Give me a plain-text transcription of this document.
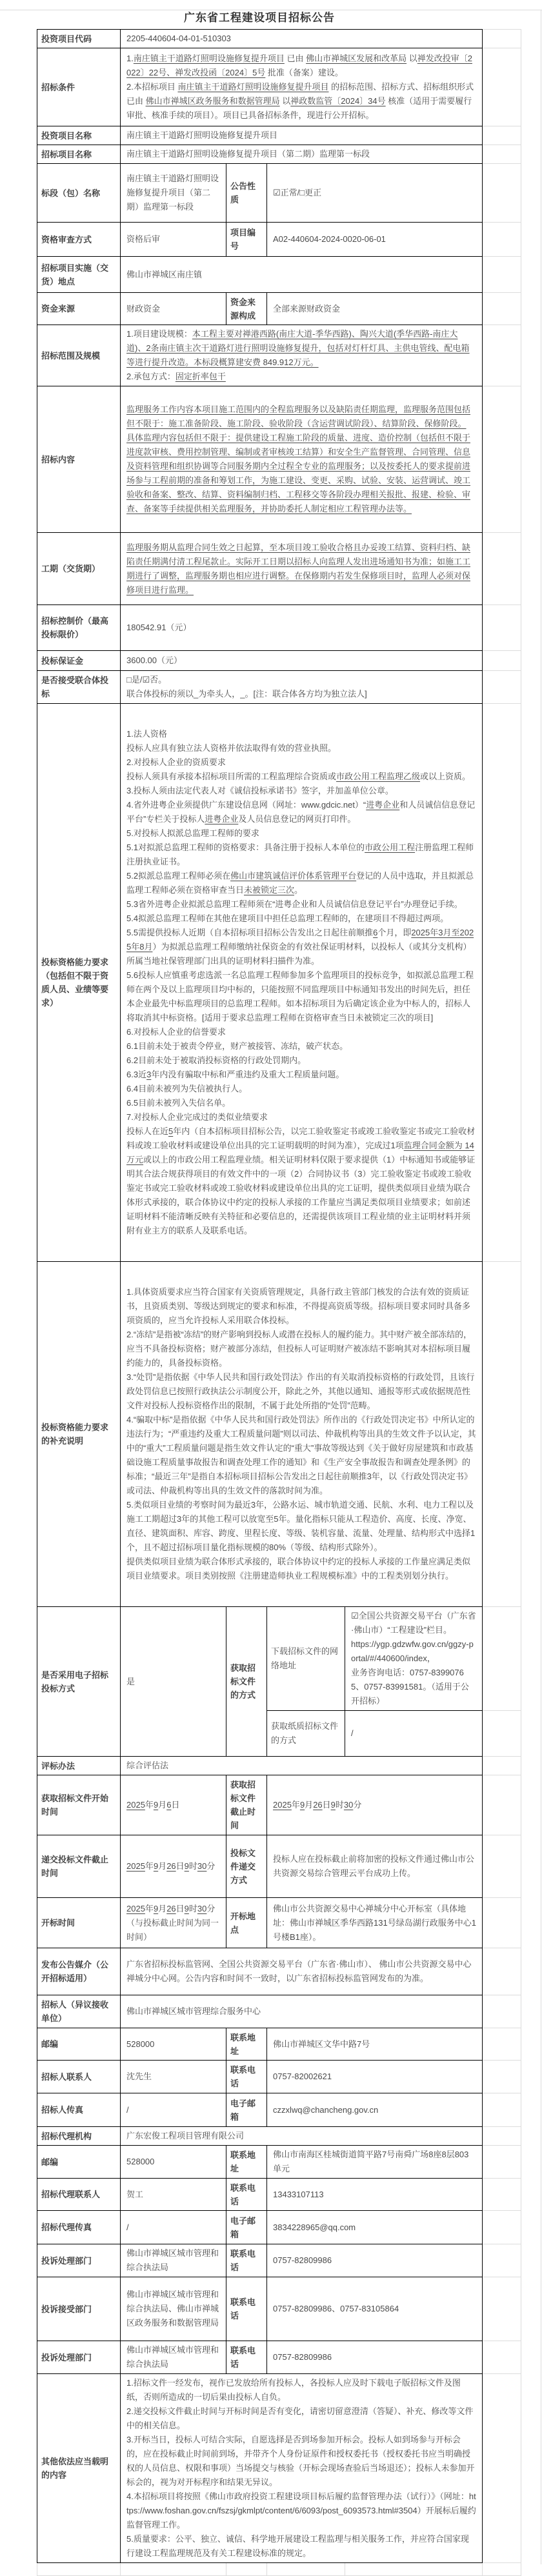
广东省工程建设项目招标公告
投资项目代码	2205-440604-04-01-510303				
招标条件	1.南庄镇主干道路灯照明设施修复提升项目 已由 佛山市禅城区发展和改革局 以禅发改投审〔2022〕22号、禅发改投函〔2024〕5号 批准（备案）建设。
2.本招标项目 南庄镇主干道路灯照明设施修复提升项目 的招标范围、招标方式、招标组织形式已由 佛山市禅城区政务服务和数据管理局 以禅政数监管〔2024〕34号 核准（适用于需要履行审批、核准手续的项目）。项目已具备招标条件，现进行公开招标。				

投资项目名称	南庄镇主干道路灯照明设施修复提升项目				
招标项目名称	南庄镇主干道路灯照明设施修复提升项目（第二期）监理第一标段				
标段（包）名称	南庄镇主干道路灯照明设施修复提升项目（第二期）监理第一标段	公告性质	☑正常/□更正		
资格审查方式	资格后审	项目编号	A02-440604-2024-0020-06-01		
招标项目实施（交货）地点	佛山市禅城区南庄镇				
资金来源	财政资金	资金来源构成	全部来源财政资金		
招标范围及规模	1.项目建设规模：本工程主要对禅港西路(南庄大道-季华西路)、陶兴大道(季华西路-南庄大道)、2条南庄镇主次干道路灯进行照明设施修复提升，包括对灯杆灯具、主供电管线、配电箱等进行提升改造。本标段概算建安费 849.912万元。
2.承包方式：固定折率包干				

招标内容	监理服务工作内容本项目施工范围内的全程监理服务以及缺陷责任期监理，监理服务范围包括但不限于：施工准备阶段、施工阶段、验收阶段（含运营调试阶段）、结算阶段、保修阶段。
具体监理内容包括但不限于：提供建设工程施工阶段的质量、进度、造价控制（包括但不限于进度款审核、费用控制管理、编制或者审核竣工结算）和安全生产监督管理、合同管理、信息及资料管理和组织协调等合同服务期内全过程全专业的监理服务；以及按委托人的要求提前进场参与工程前期的准备和筹划工作，为施工建设、变更、采购、试验、安装、运营调试、竣工验收和备案、整改、结算、资料编制归档、工程移交等各阶段办理相关报批、报建、检验、审查、备案等手续提供相关监理服务，并协助委托人制定相应工程管理办法等。				

工期（交货期）	监理服务期从监理合同生效之日起算，至本项目竣工验收合格且办妥竣工结算、资料归档、缺陷责任期满付清工程尾款止。实际开工日期以招标人向监理人发出进场通知书为准；如施工工期进行了调整，监理服务期也相应进行调整。在保修期内若发生保修项目时，监理人必须对保修项目进行监理。				

招标控制价（最高投标限价）	180542.91（元）				
投标保证金	3600.00（元）				
是否接受联合体投标	□是/☑否。
联合体投标的须以_为牵头人，_。[注：联合体各方均为独立法人]				

投标资格能力要求（包括但不限于资质人员、业绩等要求）	
1.法人资格
投标人应具有独立法人资格并依法取得有效的营业执照。
2.对投标人企业的资质要求
投标人须具有承接本招标项目所需的工程监理综合资质或市政公用工程监理乙级或以上资质。
3.投标人须由法定代表人对《诚信投标承诺书》签字，并加盖单位公章。
4.省外进粤企业须提供广东建设信息网（网址：www.gdcic.net）“进粤企业和人员诚信信息登记平台”专栏关于投标人进粤企业及人员信息登记的网页打印件。
5.对投标人拟派总监理工程师的要求
5.1对拟派总监理工程师的资格要求：具备注册于投标人本单位的市政公用工程注册监理工程师注册执业证书。
5.2拟派总监理工程师必须在佛山市建筑诚信评价体系管理平台登记的人员中选取，并且拟派总监理工程师必须在资格审查当日未被锁定三次。
5.3省外进粤企业拟派总监理工程师须在“进粤企业和人员诚信信息登记平台”办理登记手续。
5.4拟派总监理工程师在其他在建项目中担任总监理工程师的，在建项目不得超过两项。
5.5需提供投标人近期（自本招标项目招标公告发出之日起往前顺推6个月，即2025年3月至2025年8月）为拟派总监理工程师缴纳社保资金的有效社保证明材料，以投标人（或其分支机构）所属当地社保管理部门出具的证明材料扫描件为准。
5.6投标人应慎重考虑选派一名总监理工程师参加多个监理项目的投标竞争，如拟派总监理工程师在两个及以上监理项目均中标的，只能按照不同监理项目中标通知书发出的时间先后，担任本企业最先中标监理项目的总监理工程师。如本招标项目为后确定该企业为中标人的，招标人将取消其中标资格。[适用于要求总监理工程师在资格审查当日未被锁定三次的项目]
6.对投标人企业的信誉要求
6.1目前未处于被责令停业，财产被接管、冻结，破产状态。
6.2目前未处于被取消投标资格的行政处罚期内。
6.3近3年内没有骗取中标和严重违约及重大工程质量问题。
6.4目前未被列为失信被执行人。
6.5目前未被列入失信名单。
7.对投标人企业完成过的类似业绩要求
投标人在近5年内（自本招标项目招标公告，以完工验收鉴定书或竣工验收鉴定书或完工验收材料或竣工验收材料或建设单位出具的完工证明载明的时间为准），完成过1项监理合同金额为 14万元或以上的市政公用工程监理业绩。相关证明材料仅限于要求提供（1）中标通知书或能够证明其合法合规获得项目的有效文件中的一项（2）合同协议书（3）完工验收鉴定书或竣工验收鉴定书或完工验收材料或竣工验收材料或建设单位出具的完工证明，提供类似项目业绩为联合体形式承接的，联合体协议中约定的投标人承接的工作量应当满足类似项目业绩要求；如前述证明材料不能清晰反映有关特征和必要信息的，还需提供该项目工程业绩的业主证明材料并须附有业主方的联系人及联系电话。

投标资格能力要求的补充说明	
1.具体资质要求应当符合国家有关资质管理规定，具备行政主管部门核发的合法有效的资质证书，且资质类别、等级达到规定的要求和标准，不得提高资质等级。招标项目要求同时具备多项资质的，应当允许投标人采用联合体投标。
2.“冻结”是指被“冻结”的财产影响到投标人或潜在投标人的履约能力。其中财产被全部冻结的，应当不具备投标资格；财产被部分冻结，但投标人可证明财产被冻结不影响其对本招标项目履约能力的，具备投标资格。
3.“处罚”是指依据《中华人民共和国行政处罚法》作出的有关取消投标资格的行政处罚，且该行政处罚信息已按照行政执法公示制度公开，除此之外，其他以通知、通报等形式或依据规范性文件对投标人投标资格作出的限制，不属于此处所指的“处罚”范畴。
4.“骗取中标”是指依据《中华人民共和国行政处罚法》所作出的《行政处罚决定书》中所认定的违法行为；“严重违约及重大工程质量问题”则以司法、仲裁机构等出具的生效文件予以认定，其中的“重大”工程质量问题是指生效文件认定的“重大”事故等级达到《关于做好房屋建筑和市政基础设施工程质量事故报告和调查处理工作的通知》和《生产安全事故报告和调查处理条例》的标准；“最近三年”是指自本招标项目招标公告发出之日起往前顺推3年，以《行政处罚决定书》或司法、仲裁机构等出具的生效文件的落款时间为准。
5.类似项目业绩的考察时间为最近3年，公路水运、城市轨道交通、民航、水利、电力工程以及施工工期超过3年的其他工程可以放宽至5年。量化指标只能从工程造价、高度、长度、净宽、直径、建筑面积、库容、跨度、里程长度、等级、装机容量、流量、处理量、结构形式中选择1个，且不超过招标项目量化指标规模的80%（等级、结构形式除外）。
提供类似项目业绩为联合体形式承接的，联合体协议中约定的投标人承接的工作量应满足类似项目业绩要求。项目类别按照《注册建造师执业工程规模标准》中的工程类别划分执行。

是否采用电子招标投标方式	是	获取招标文件的方式	下载招标文件的网络地址	☑全国公共资源交易平台（广东省·佛山市）“工程建设”栏目。
https://ygp.gdzwfw.gov.cn/ggzy-portal/#/440600/index，
业务咨询电话：0757-83990765、0757-83991581。（适用于公开招标）	

			获取纸质招标文件的方式	/	
评标办法	综合评估法				
获取招标文件开始时间	2025年9月6日	获取招标文件截止时间	2025年9月26日9时30分		

递交投标文件截止时间	2025年9月26日9时30分	投标文件递交方式	投标人应在投标截止前将加密的投标文件通过佛山市公共资源交易综合管理云平台成功上传。		
开标时间	2025年9月26日9时30分（与投标截止时间为同一时间）	开标地点	佛山市公共资源交易中心禅城分中心开标室（具体地址：佛山市禅城区季华西路131号绿岛湖行政服务中心1号楼B1座）。		
发布公告媒介（公开招标适用）	广东省招标投标监管网、全国公共资源交易平台（广东省·佛山市）、 佛山市公共资源交易中心禅城分中心网。公告内容和时间不一致时，以广东省招标投标监管网发布的为准。				
招标人（异议接收单位）	佛山市禅城区城市管理综合服务中心				
邮编	528000	联系地址	佛山市禅城区文华中路7号		
招标人联系人	沈先生	联系电话	0757-82002621		
招标人传真	/	电子邮箱	czzxlwq@chancheng.gov.cn		
招标代理机构	广东宏俊工程项目管理有限公司				
邮编	528000	联系地址	佛山市南海区桂城街道简平路7号南舜广场8座8层803单元		
招标代理联系人	贺工	联系电话	13433107113		
招标代理传真	/	电子邮箱	3834228965@qq.com		
投诉处理部门	佛山市禅城区城市管理和综合执法局	联系电话	0757-82809986		
投诉接受部门	佛山市禅城区城市管理和综合执法局、佛山市禅城区政务服务和数据管理局	联系电话	0757-82809986、0757-83105864		
投诉处理部门	佛山市禅城区城市管理和综合执法局	联系电话	0757-82809986		
其他依法应当载明的内容	1.招标文件一经发布，视作已发放给所有投标人，各投标人应及时下载电子版招标文件及图纸，否则所造成的一切后果由投标人自负。
2.递交投标文件截止时间与开标时间是否有变化，请密切留意澄清（答疑）、补充、修改等文件中的相关信息。
3.开标当日，投标人可结合实际，自愿选择是否到场参加开标会。投标人如到场参与开标会的，应在投标截止时间前到场，并带齐个人身份证原件和授权委托书（授权委托书应当明确授权的人员信息、权限和事项）当场提交与核验（开标会现场查验后当场退还）；投标人未参加开标会的，视为对开标程序和结果无异议。
4.本招标项目将按照《佛山市政府投资工程建设项目标后履约监督管理办法（试行）》（网址：https://www.foshan.gov.cn/fszsj/gkmlpt/content/6/6093/post_6093573.html#3504）开展标后履约监督管理工作。
5.质量要求：公平、独立、诚信、科学地开展建设工程监理与相关服务工作，并应符合国家现行建设工程监理规范及有关工程建设标准的规定。				
